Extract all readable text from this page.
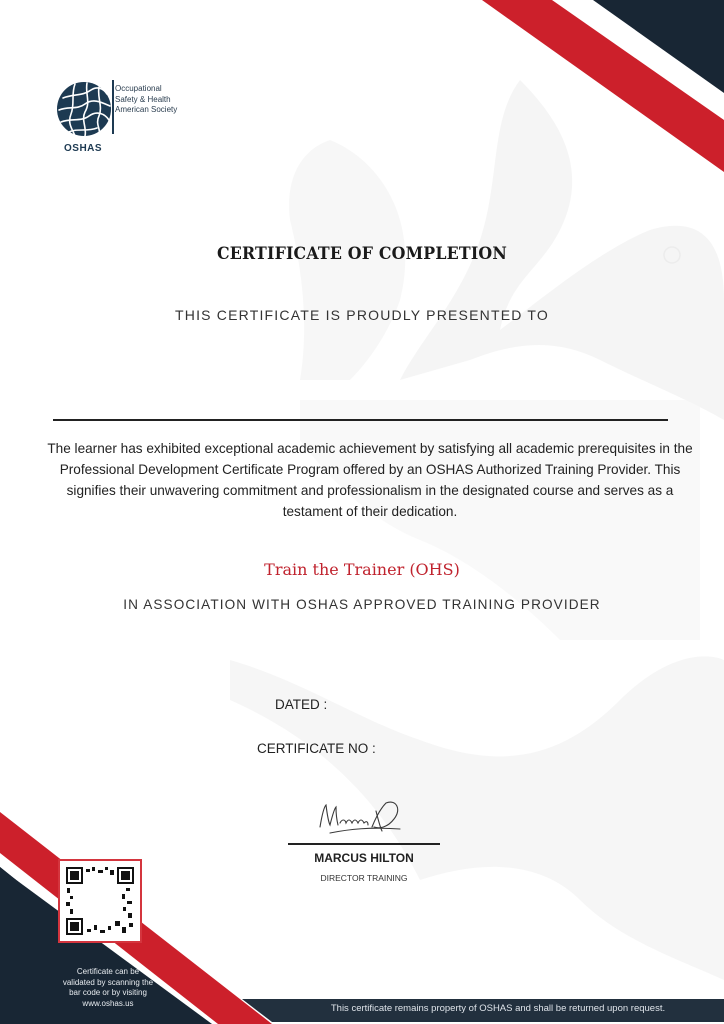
Occupational
Safety & Health
American Society
OSHAS
CERTIFICATE OF COMPLETION
THIS CERTIFICATE IS PROUDLY PRESENTED TO
The learner has exhibited exceptional academic achievement by satisfying all academic prerequisites in the Professional Development Certificate Program offered by an OSHAS Authorized Training Provider. This signifies their unwavering commitment and professionalism in the designated course and serves as a testament of their dedication.
Train the Trainer (OHS)
IN ASSOCIATION WITH OSHAS APPROVED TRAINING PROVIDER
DATED :
CERTIFICATE NO :
MARCUS HILTON
DIRECTOR TRAINING
Certificate can be
validated by scanning the
bar code or by visiting
www.oshas.us	This certificate remains property of OSHAS and shall be returned upon request.
